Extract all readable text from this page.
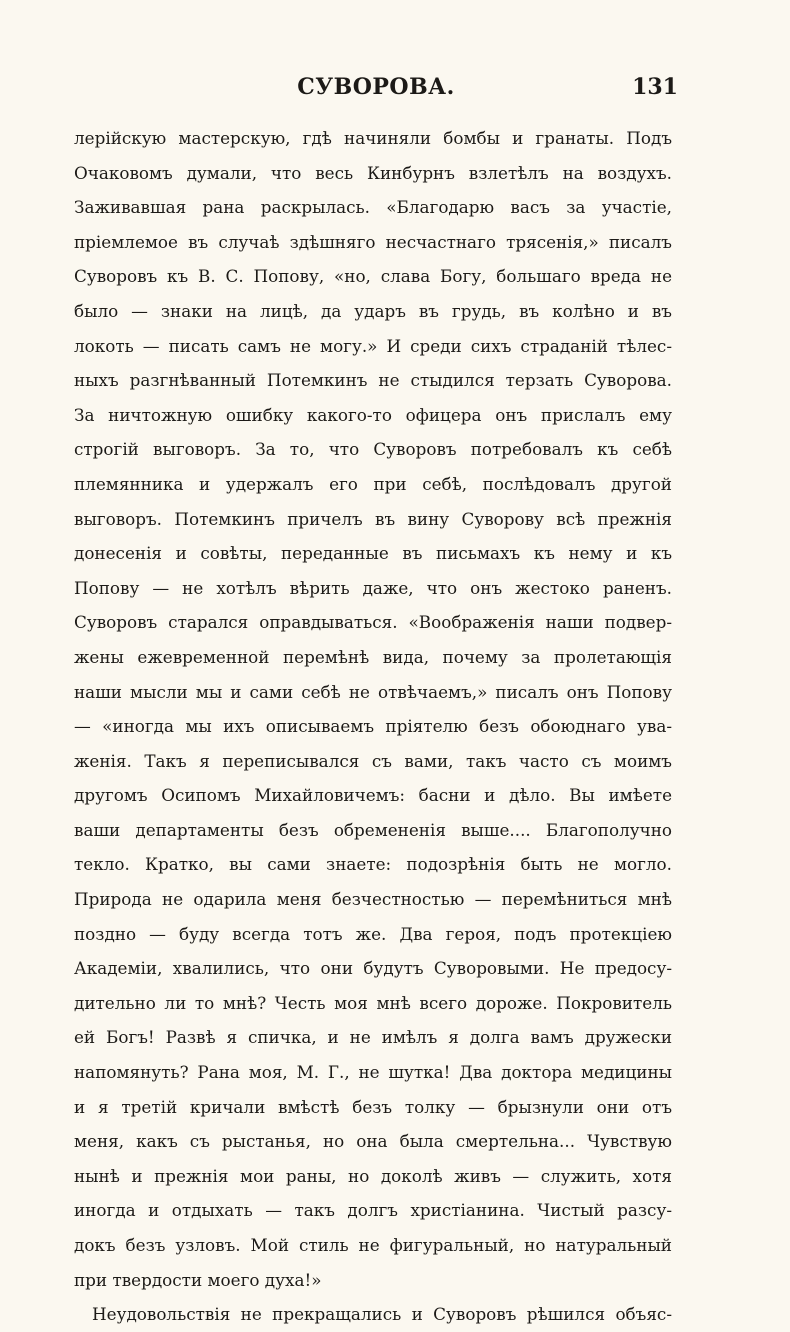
СУВОРОВА.	131
лерійскую мастерскую, гдѣ начиняли бомбы и гранаты. Подъ
Очаковомъ думали, что весь Кинбурнъ взлетѣлъ на воздухъ.
Заживавшая рана раскрылась. «Благодарю васъ за участіе,
пріемлемое въ случаѣ здѣшняго несчастнаго трясенія,» писалъ
Суворовъ къ В. С. Попову, «но, слава Богу, большаго вреда не
было — знаки на лицѣ, да ударъ въ грудь, въ колѣно и въ
локоть — писать самъ не могу.» И среди сихъ страданій тѣлес-
ныхъ разгнѣванный Потемкинъ не стыдился терзать Суворова.
За ничтожную ошибку какого-то офицера онъ прислалъ ему
строгій выговоръ. За то, что Суворовъ потребовалъ къ себѣ
племянника и удержалъ его при себѣ, послѣдовалъ другой
выговоръ. Потемкинъ причелъ въ вину Суворову всѣ прежнія
донесенія и совѣты, переданные въ письмахъ къ нему и къ
Попову — не хотѣлъ вѣрить даже, что онъ жестоко раненъ.
Суворовъ старался оправдываться. «Воображенія наши подвер-
жены ежевременной перемѣнѣ вида, почему за пролетающія
наши мысли мы и сами себѣ не отвѣчаемъ,» писалъ онъ Попову
— «иногда мы ихъ описываемъ пріятелю безъ обоюднаго ува-
женія. Такъ я переписывался съ вами, такъ часто съ моимъ
другомъ Осипомъ Михайловичемъ: басни и дѣло. Вы имѣете
ваши департаменты безъ обремененія выше.... Благополучно
текло. Кратко, вы сами знаете: подозрѣнія быть не могло.
Природа не одарила меня безчестностью — перемѣниться мнѣ
поздно — буду всегда тотъ же. Два героя, подъ протекціею
Академіи, хвалились, что они будутъ Суворовыми. Не предосу-
дительно ли то мнѣ? Честь моя мнѣ всего дороже. Покровитель
ей Богъ! Развѣ я спичка, и не имѣлъ я долга вамъ дружески
напомянуть? Рана моя, М. Г., не шутка! Два доктора медицины
и я третій кричали вмѣстѣ безъ толку — брызнули они отъ
меня, какъ съ рыстанья, но она была смертельна... Чувствую
нынѣ и прежнія мои раны, но доколѣ живъ — служить, хотя
иногда и отдыхать — такъ долгъ христіанина. Чистый разсу-
докъ безъ узловъ. Мой стиль не фигуральный, но натуральный
при твердости моего духа!»
Неудовольствія не прекращались и Суворовъ рѣшился объяс-
